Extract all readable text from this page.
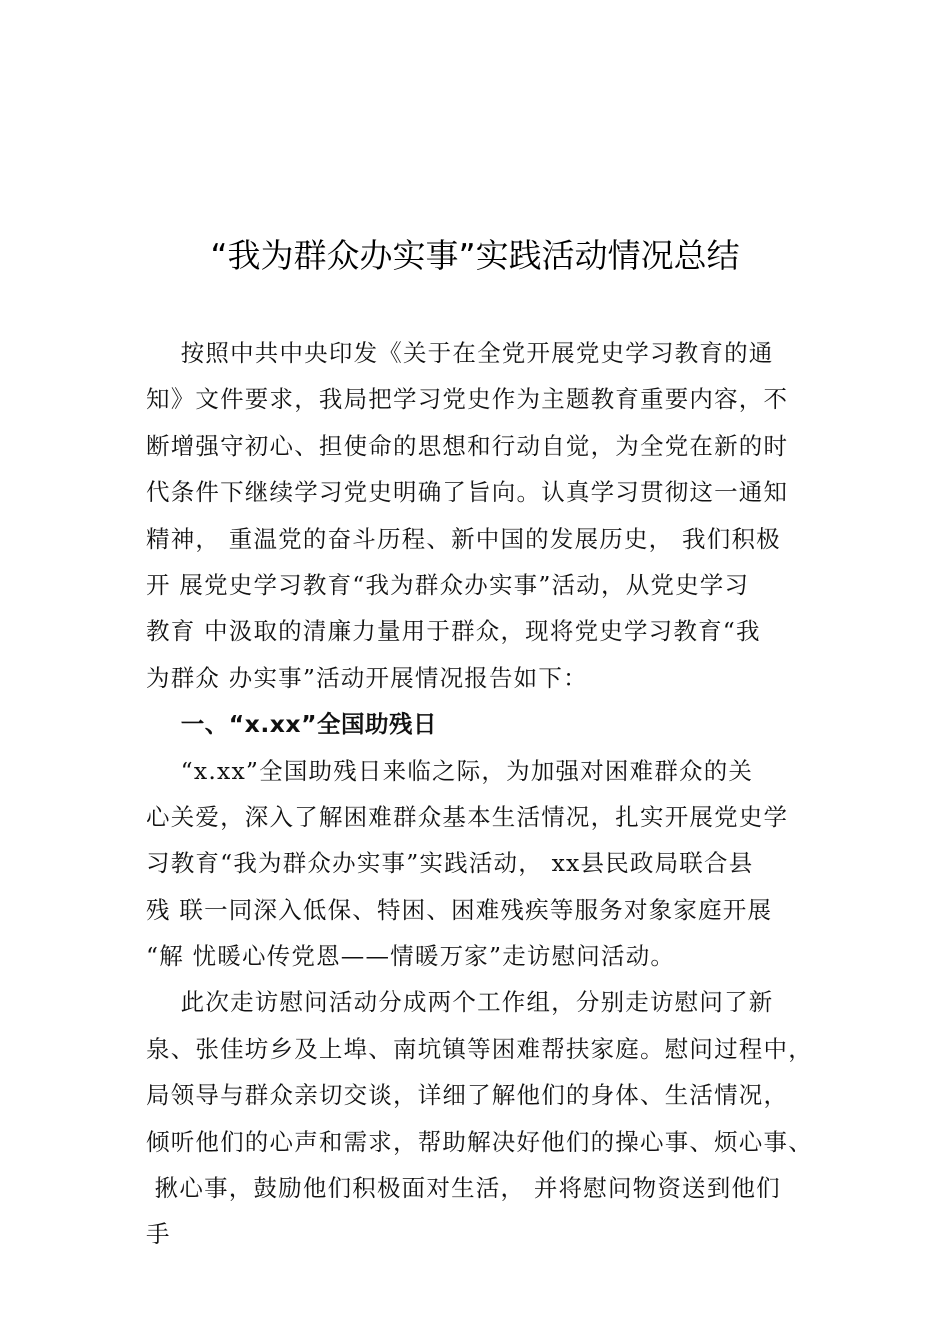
“我为群众办实事”实践活动情况总结
按照中共中央印发《关于在全党开展党史学习教育的通
知》文件要求，我局把学习党史作为主题教育重要内容，不
断增强守初心、担使命的思想和行动自觉，为全党在新的时
代条件下继续学习党史明确了旨向。认真学习贯彻这一通知
精神， 重温党的奋斗历程、新中国的发展历史， 我们积极
开 展党史学习教育“我为群众办实事”活动，从党史学习
教育 中汲取的清廉力量用于群众，现将党史学习教育“我
为群众 办实事”活动开展情况报告如下：
一、“x.xx”全国助残日
“x.xx”全国助残日来临之际，为加强对困难群众的关
心关爱，深入了解困难群众基本生活情况，扎实开展党史学
习教育“我为群众办实事”实践活动， xx县民政局联合县
残 联一同深入低保、特困、困难残疾等服务对象家庭开展
“解 忧暖心传党恩——情暖万家”走访慰问活动。
此次走访慰问活动分成两个工作组，分别走访慰问了新
泉、张佳坊乡及上埠、南坑镇等困难帮扶家庭。慰问过程中，
局领导与群众亲切交谈，详细了解他们的身体、生活情况，
倾听他们的心声和需求，帮助解决好他们的操心事、烦心事、
揪心事，鼓励他们积极面对生活， 并将慰问物资送到他们
手
